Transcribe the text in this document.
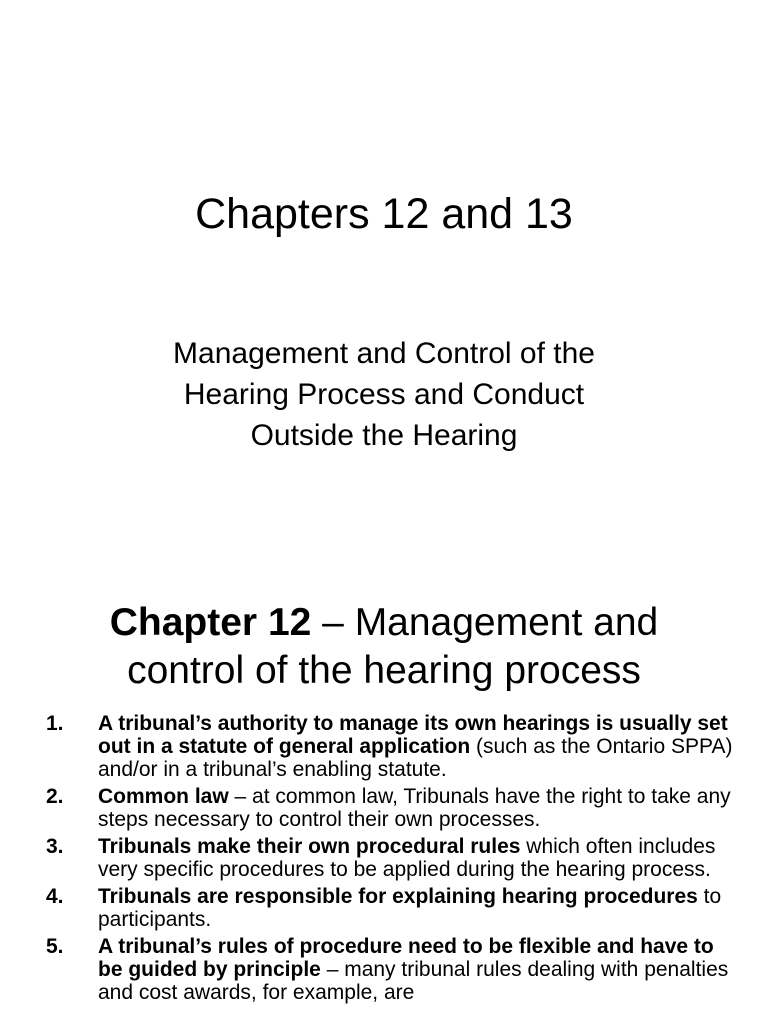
Chapters 12 and 13
Management and Control of the
Hearing Process and Conduct
Outside the Hearing
Chapter 12 – Management and
control of the hearing process
1. A tribunal’s authority to manage its own hearings is usually set out in a statute of general application (such as the Ontario SPPA) and/or in a tribunal’s enabling statute.
2. Common law – at common law, Tribunals have the right to take any steps necessary to control their own processes.
3. Tribunals make their own procedural rules which often includes very specific procedures to be applied during the hearing process.
4. Tribunals are responsible for explaining hearing procedures to participants.
5. A tribunal’s rules of procedure need to be flexible and have to be guided by principle – many tribunal rules dealing with penalties and cost awards, for example, are
